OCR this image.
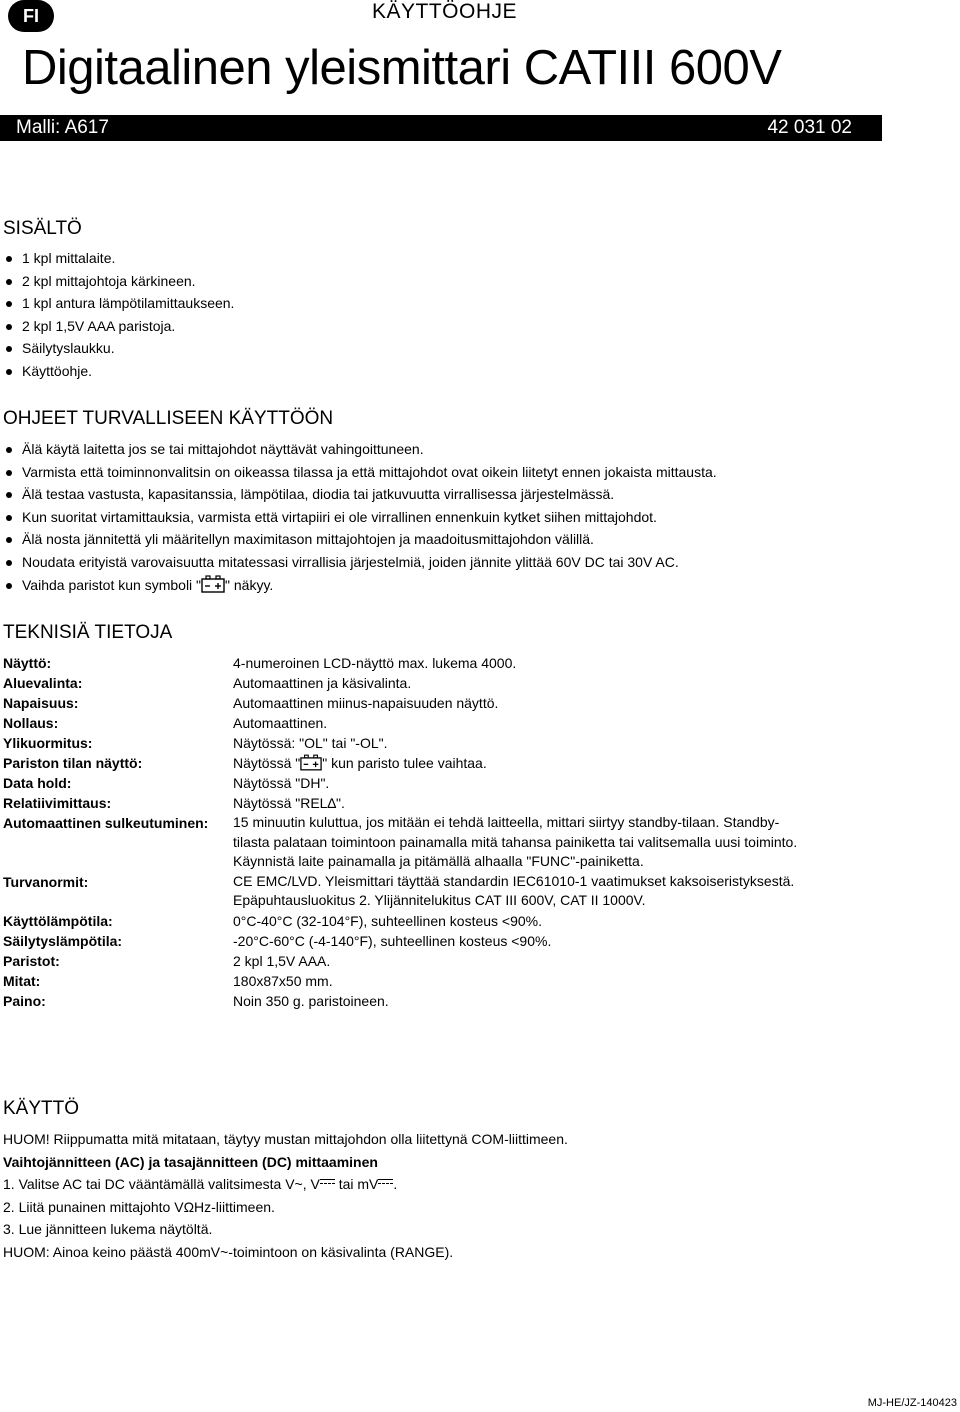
FI	KÄYTTÖOHJE
Digitaalinen yleismittari CATIII 600V
Malli: A617	42 031 02
SISÄLTÖ
1 kpl mittalaite.
2 kpl mittajohtoja kärkineen.
1 kpl antura lämpötilamittaukseen.
2 kpl 1,5V AAA paristoja.
Säilytyslaukku.
Käyttöohje.
OHJEET TURVALLISEEN KÄYTTÖÖN
Älä käytä laitetta jos se tai mittajohdot näyttävät vahingoittuneen.
Varmista että toiminnonvalitsin on oikeassa tilassa ja että mittajohdot ovat oikein liitetyt ennen jokaista mittausta.
Älä testaa vastusta, kapasitanssia, lämpötilaa, diodia tai jatkuvuutta virrallisessa järjestelmässä.
Kun suoritat virtamittauksia, varmista että virtapiiri ei ole virrallinen ennenkuin kytket siihen mittajohdot.
Älä nosta jännitettä yli määritellyn maximitason mittajohtojen ja maadoitusmittajohdon välillä.
Noudata erityistä varovaisuutta mitatessasi virrallisia järjestelmiä, joiden jännite ylittää 60V DC tai 30V AC.
Vaihda paristot kun symboli " " näkyy.
TEKNISIÄ TIETOJA
Näyttö:	4-numeroinen LCD-näyttö max. lukema 4000.
Aluevalinta:	Automaattinen ja käsivalinta.
Napaisuus:	Automaattinen miinus-napaisuuden näyttö.
Nollaus:	Automaattinen.
Ylikuormitus:	Näytössä: "OL" tai "-OL".
Pariston tilan näyttö:	Näytössä " " kun paristo tulee vaihtaa.
Data hold:	Näytössä "DH".
Relatiivimittaus:	Näytössä "REL∆".
Automaattinen sulkeutuminen: 15 minuutin kuluttua, jos mitään ei tehdä laitteella, mittari siirtyy standby-tilaan. Standby-
tilasta palataan toimintoon painamalla mitä tahansa painiketta tai valitsemalla uusi toiminto.
Käynnistä laite painamalla ja pitämällä alhaalla "FUNC"-painiketta.
Turvanormit:	CE EMC/LVD. Yleismittari täyttää standardin IEC61010-1 vaatimukset kaksoiseristyksestä.
Epäpuhtausluokitus 2. Ylijännitelukitus CAT III 600V, CAT II 1000V.
Käyttölämpötila:	0°C-40°C (32-104°F), suhteellinen kosteus <90%.
Säilytyslämpötila:	-20°C-60°C (-4-140°F), suhteellinen kosteus <90%.
Paristot:	2 kpl 1,5V AAA.
Mitat:	180x87x50 mm.
Paino:	Noin 350 g. paristoineen.
KÄYTTÖ
HUOM! Riippumatta mitä mitataan, täytyy mustan mittajohdon olla liitettynä COM-liittimeen.
Vaihtojännitteen (AC) ja tasajännitteen (DC) mittaaminen
1. Valitse AC tai DC vääntämällä valitsimesta V~, V tai mV .
2. Liitä punainen mittajohto VΩHz-liittimeen.
3. Lue jännitteen lukema näytöltä.
HUOM: Ainoa keino päästä 400mV~-toimintoon on käsivalinta (RANGE).
MJ-HE/JZ-140423
